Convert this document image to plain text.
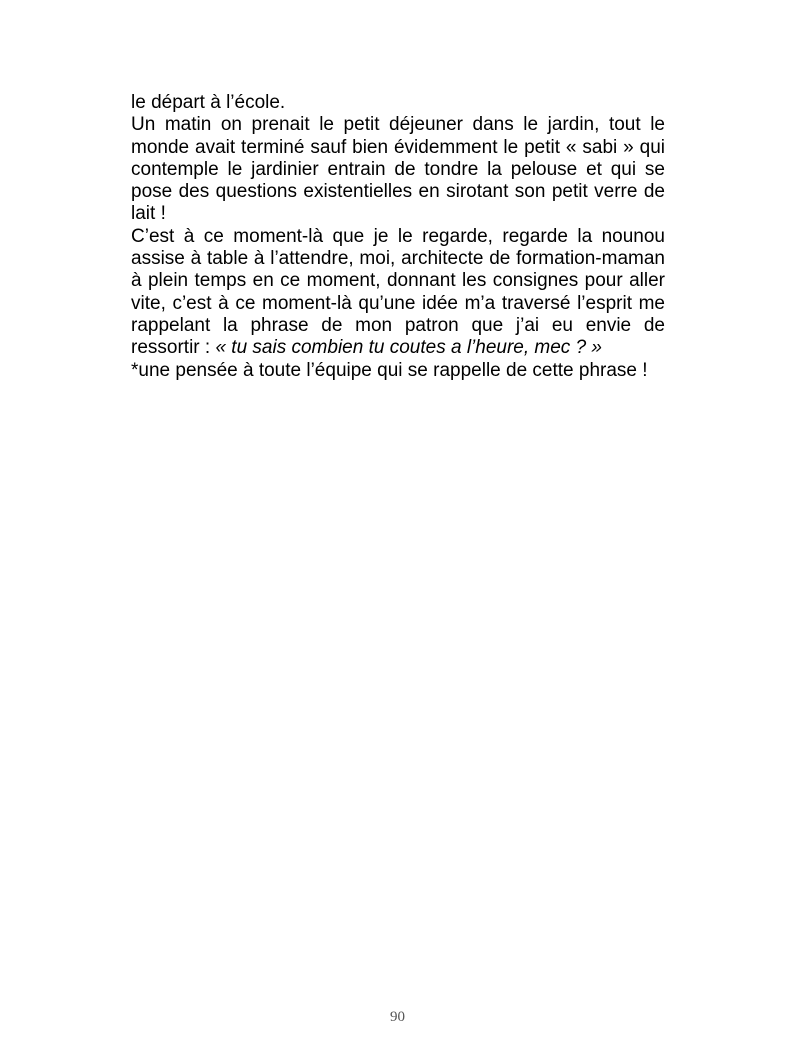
le départ à l’école.

Un matin on prenait le petit déjeuner dans le jardin, tout le monde avait terminé sauf bien évidemment le petit « sabi » qui contemple le jardinier entrain de tondre la pelouse et qui se pose des questions existentielles en sirotant son petit verre de lait !

C’est à ce moment-là que je le regarde, regarde la nounou assise à table à l’attendre, moi, architecte de formation-maman à plein temps en ce moment, donnant les consignes pour aller vite, c’est à ce moment-là qu’une idée m’a traversé l’esprit me rappelant la phrase de mon patron que j’ai eu envie de ressortir : « tu sais combien tu coutes a l’heure, mec ? »

*une pensée à toute l’équipe qui se rappelle de cette phrase !

90
